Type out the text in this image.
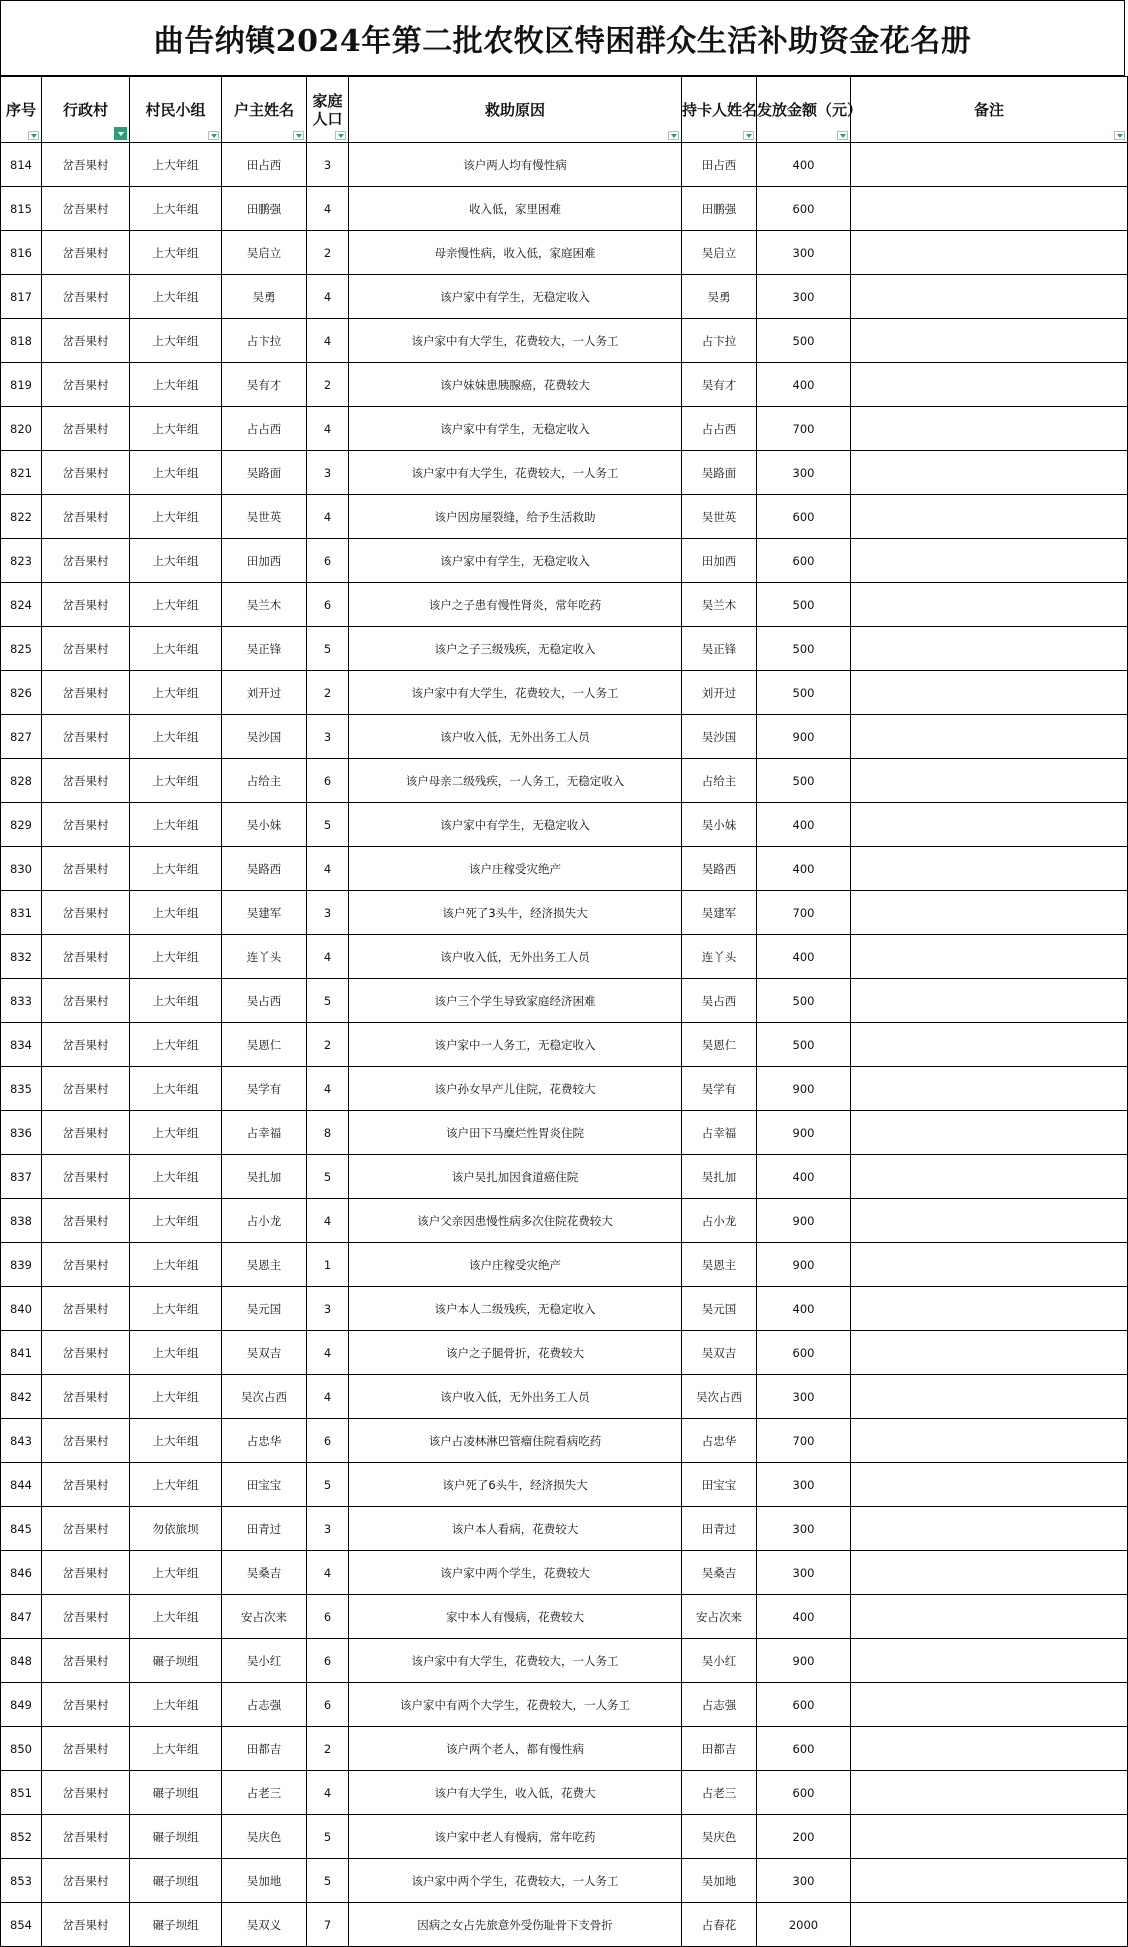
曲告纳镇2024年第二批农牧区特困群众生活补助资金花名册
序号	行政村	村民小组	户主姓名	家庭
人口	救助原因	持卡人姓名	发放金额（元）	备注

814	岔吾果村	上大年组	田占西	3	该户两人均有慢性病	田占西	400	
815	岔吾果村	上大年组	田鹏强	4	收入低，家里困难	田鹏强	600	
816	岔吾果村	上大年组	吴启立	2	母亲慢性病，收入低，家庭困难	吴启立	300	
817	岔吾果村	上大年组	吴勇	4	该户家中有学生，无稳定收入	吴勇	300	
818	岔吾果村	上大年组	占卞拉	4	该户家中有大学生，花费较大，一人务工	占卞拉	500	
819	岔吾果村	上大年组	吴有才	2	该户妹妹患胰腺癌，花费较大	吴有才	400	
820	岔吾果村	上大年组	占占西	4	该户家中有学生，无稳定收入	占占西	700	
821	岔吾果村	上大年组	吴路面	3	该户家中有大学生，花费较大，一人务工	吴路面	300	
822	岔吾果村	上大年组	吴世英	4	该户因房屋裂缝，给予生活救助	吴世英	600	
823	岔吾果村	上大年组	田加西	6	该户家中有学生，无稳定收入	田加西	600	
824	岔吾果村	上大年组	吴兰木	6	该户之子患有慢性肾炎，常年吃药	吴兰木	500	
825	岔吾果村	上大年组	吴正锋	5	该户之子三级残疾，无稳定收入	吴正锋	500	
826	岔吾果村	上大年组	刘开过	2	该户家中有大学生，花费较大，一人务工	刘开过	500	
827	岔吾果村	上大年组	吴沙国	3	该户收入低，无外出务工人员	吴沙国	900	
828	岔吾果村	上大年组	占给主	6	该户母亲二级残疾，一人务工，无稳定收入	占给主	500	
829	岔吾果村	上大年组	吴小妹	5	该户家中有学生，无稳定收入	吴小妹	400	
830	岔吾果村	上大年组	吴路西	4	该户庄稼受灾绝产	吴路西	400	
831	岔吾果村	上大年组	吴建军	3	该户死了3头牛，经济损失大	吴建军	700	
832	岔吾果村	上大年组	连丫头	4	该户收入低，无外出务工人员	连丫头	400	
833	岔吾果村	上大年组	吴占西	5	该户三个学生导致家庭经济困难	吴占西	500	
834	岔吾果村	上大年组	吴恩仁	2	该户家中一人务工，无稳定收入	吴恩仁	500	
835	岔吾果村	上大年组	吴学有	4	该户孙女早产儿住院，花费较大	吴学有	900	
836	岔吾果村	上大年组	占幸福	8	该户田下马糜烂性胃炎住院	占幸福	900	
837	岔吾果村	上大年组	吴扎加	5	该户吴扎加因食道癌住院	吴扎加	400	
838	岔吾果村	上大年组	占小龙	4	该户父亲因患慢性病多次住院花费较大	占小龙	900	
839	岔吾果村	上大年组	吴恩主	1	该户庄稼受灾绝产	吴恩主	900	
840	岔吾果村	上大年组	吴元国	3	该户本人二级残疾，无稳定收入	吴元国	400	
841	岔吾果村	上大年组	吴双吉	4	该户之子腿骨折，花费较大	吴双吉	600	
842	岔吾果村	上大年组	吴次占西	4	该户收入低，无外出务工人员	吴次占西	300	
843	岔吾果村	上大年组	占忠华	6	该户占凌林淋巴管瘤住院看病吃药	占忠华	700	
844	岔吾果村	上大年组	田宝宝	5	该户死了6头牛，经济损失大	田宝宝	300	
845	岔吾果村	勿依旅坝	田青过	3	该户本人看病，花费较大	田青过	300	
846	岔吾果村	上大年组	吴桑吉	4	该户家中两个学生，花费较大	吴桑吉	300	
847	岔吾果村	上大年组	安占次来	6	家中本人有慢病，花费较大	安占次来	400	
848	岔吾果村	碾子坝组	吴小红	6	该户家中有大学生，花费较大，一人务工	吴小红	900	
849	岔吾果村	上大年组	占志强	6	该户家中有两个大学生，花费较大，一人务工	占志强	600	
850	岔吾果村	上大年组	田都吉	2	该户两个老人，都有慢性病	田都吉	600	
851	岔吾果村	碾子坝组	占老三	4	该户有大学生，收入低，花费大	占老三	600	
852	岔吾果村	碾子坝组	吴庆色	5	该户家中老人有慢病，常年吃药	吴庆色	200	
853	岔吾果村	碾子坝组	吴加地	5	该户家中两个学生，花费较大，一人务工	吴加地	300	
854	岔吾果村	碾子坝组	吴双义	7	因病之女占先旅意外受伤耻骨下支骨折	占春花	2000	
